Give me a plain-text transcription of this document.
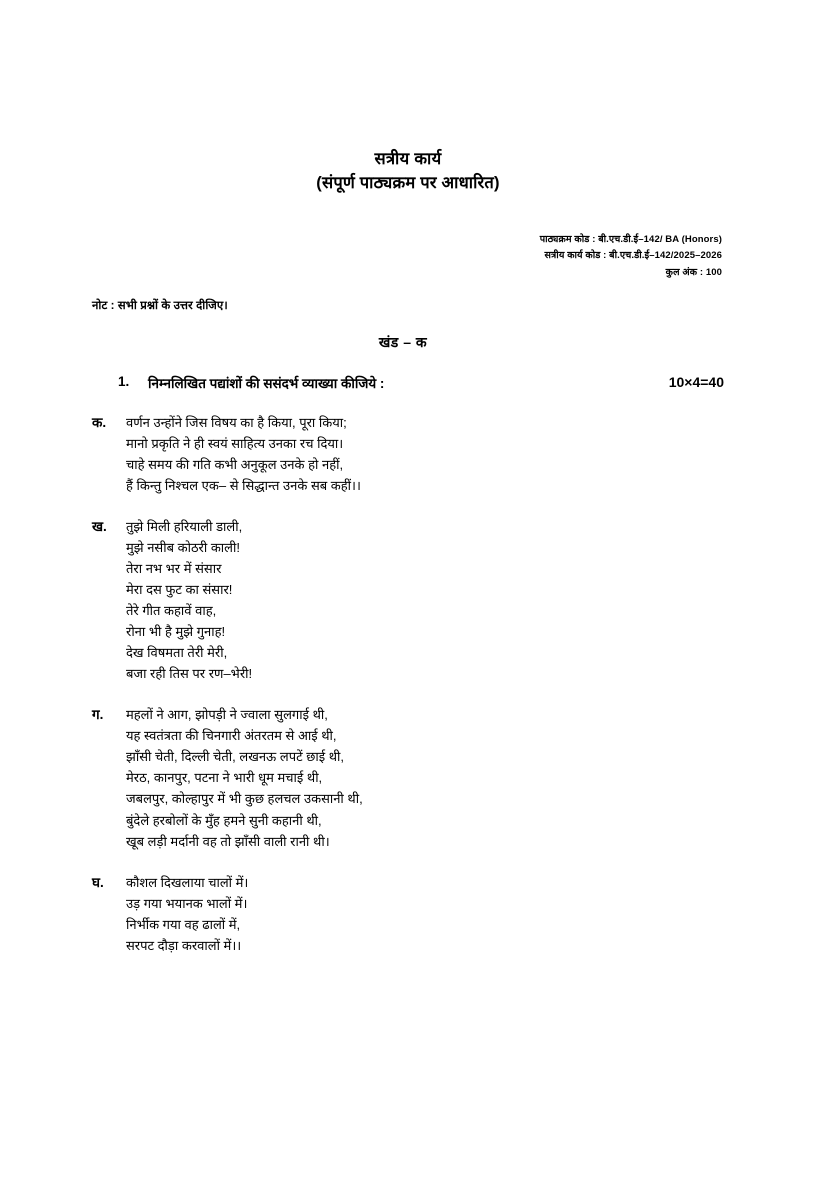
सत्रीय कार्य
(संपूर्ण पाठ्यक्रम पर आधारित)
पाठ्यक्रम कोड : बी.एच.डी.ई–142/ BA (Honors)
सत्रीय कार्य कोड : बी.एच.डी.ई–142/2025–2026
कुल अंक : 100
नोट : सभी प्रश्नों के उत्तर दीजिए।
खंड – क
1.	निम्नलिखित पद्यांशों की ससंदर्भ व्याख्या कीजिये :	10×4=40
क.	वर्णन उन्होंने जिस विषय का है किया, पूरा किया;
मानो प्रकृति ने ही स्वयं साहित्य उनका रच दिया।
चाहे समय की गति कभी अनुकूल उनके हो नहीं,
हैं किन्तु निश्चल एक– से सिद्धान्त उनके सब कहीं।।
ख.	तुझे मिली हरियाली डाली,
मुझे नसीब कोठरी काली!
तेरा नभ भर में संसार
मेरा दस फुट का संसार!
तेरे गीत कहावें वाह,
रोना भी है मुझे गुनाह!
देख विषमता तेरी मेरी,
बजा रही तिस पर रण–भेरी!
ग.	महलों ने आग, झोपड़ी ने ज्वाला सुलगाई थी,
यह स्वतंत्रता की चिनगारी अंतरतम से आई थी,
झाँसी चेती, दिल्ली चेती, लखनऊ लपटें छाई थी,
मेरठ, कानपुर, पटना ने भारी धूम मचाई थी,
जबलपुर, कोल्हापुर में भी कुछ हलचल उकसानी थी,
बुंदेले हरबोलों के मुँह हमने सुनी कहानी थी,
खूब लड़ी मर्दानी वह तो झाँसी वाली रानी थी।
घ.	कौशल दिखलाया चालों में।
उड़ गया भयानक भालों में।
निर्भीक गया वह ढालों में,
सरपट दौड़ा करवालों में।।
